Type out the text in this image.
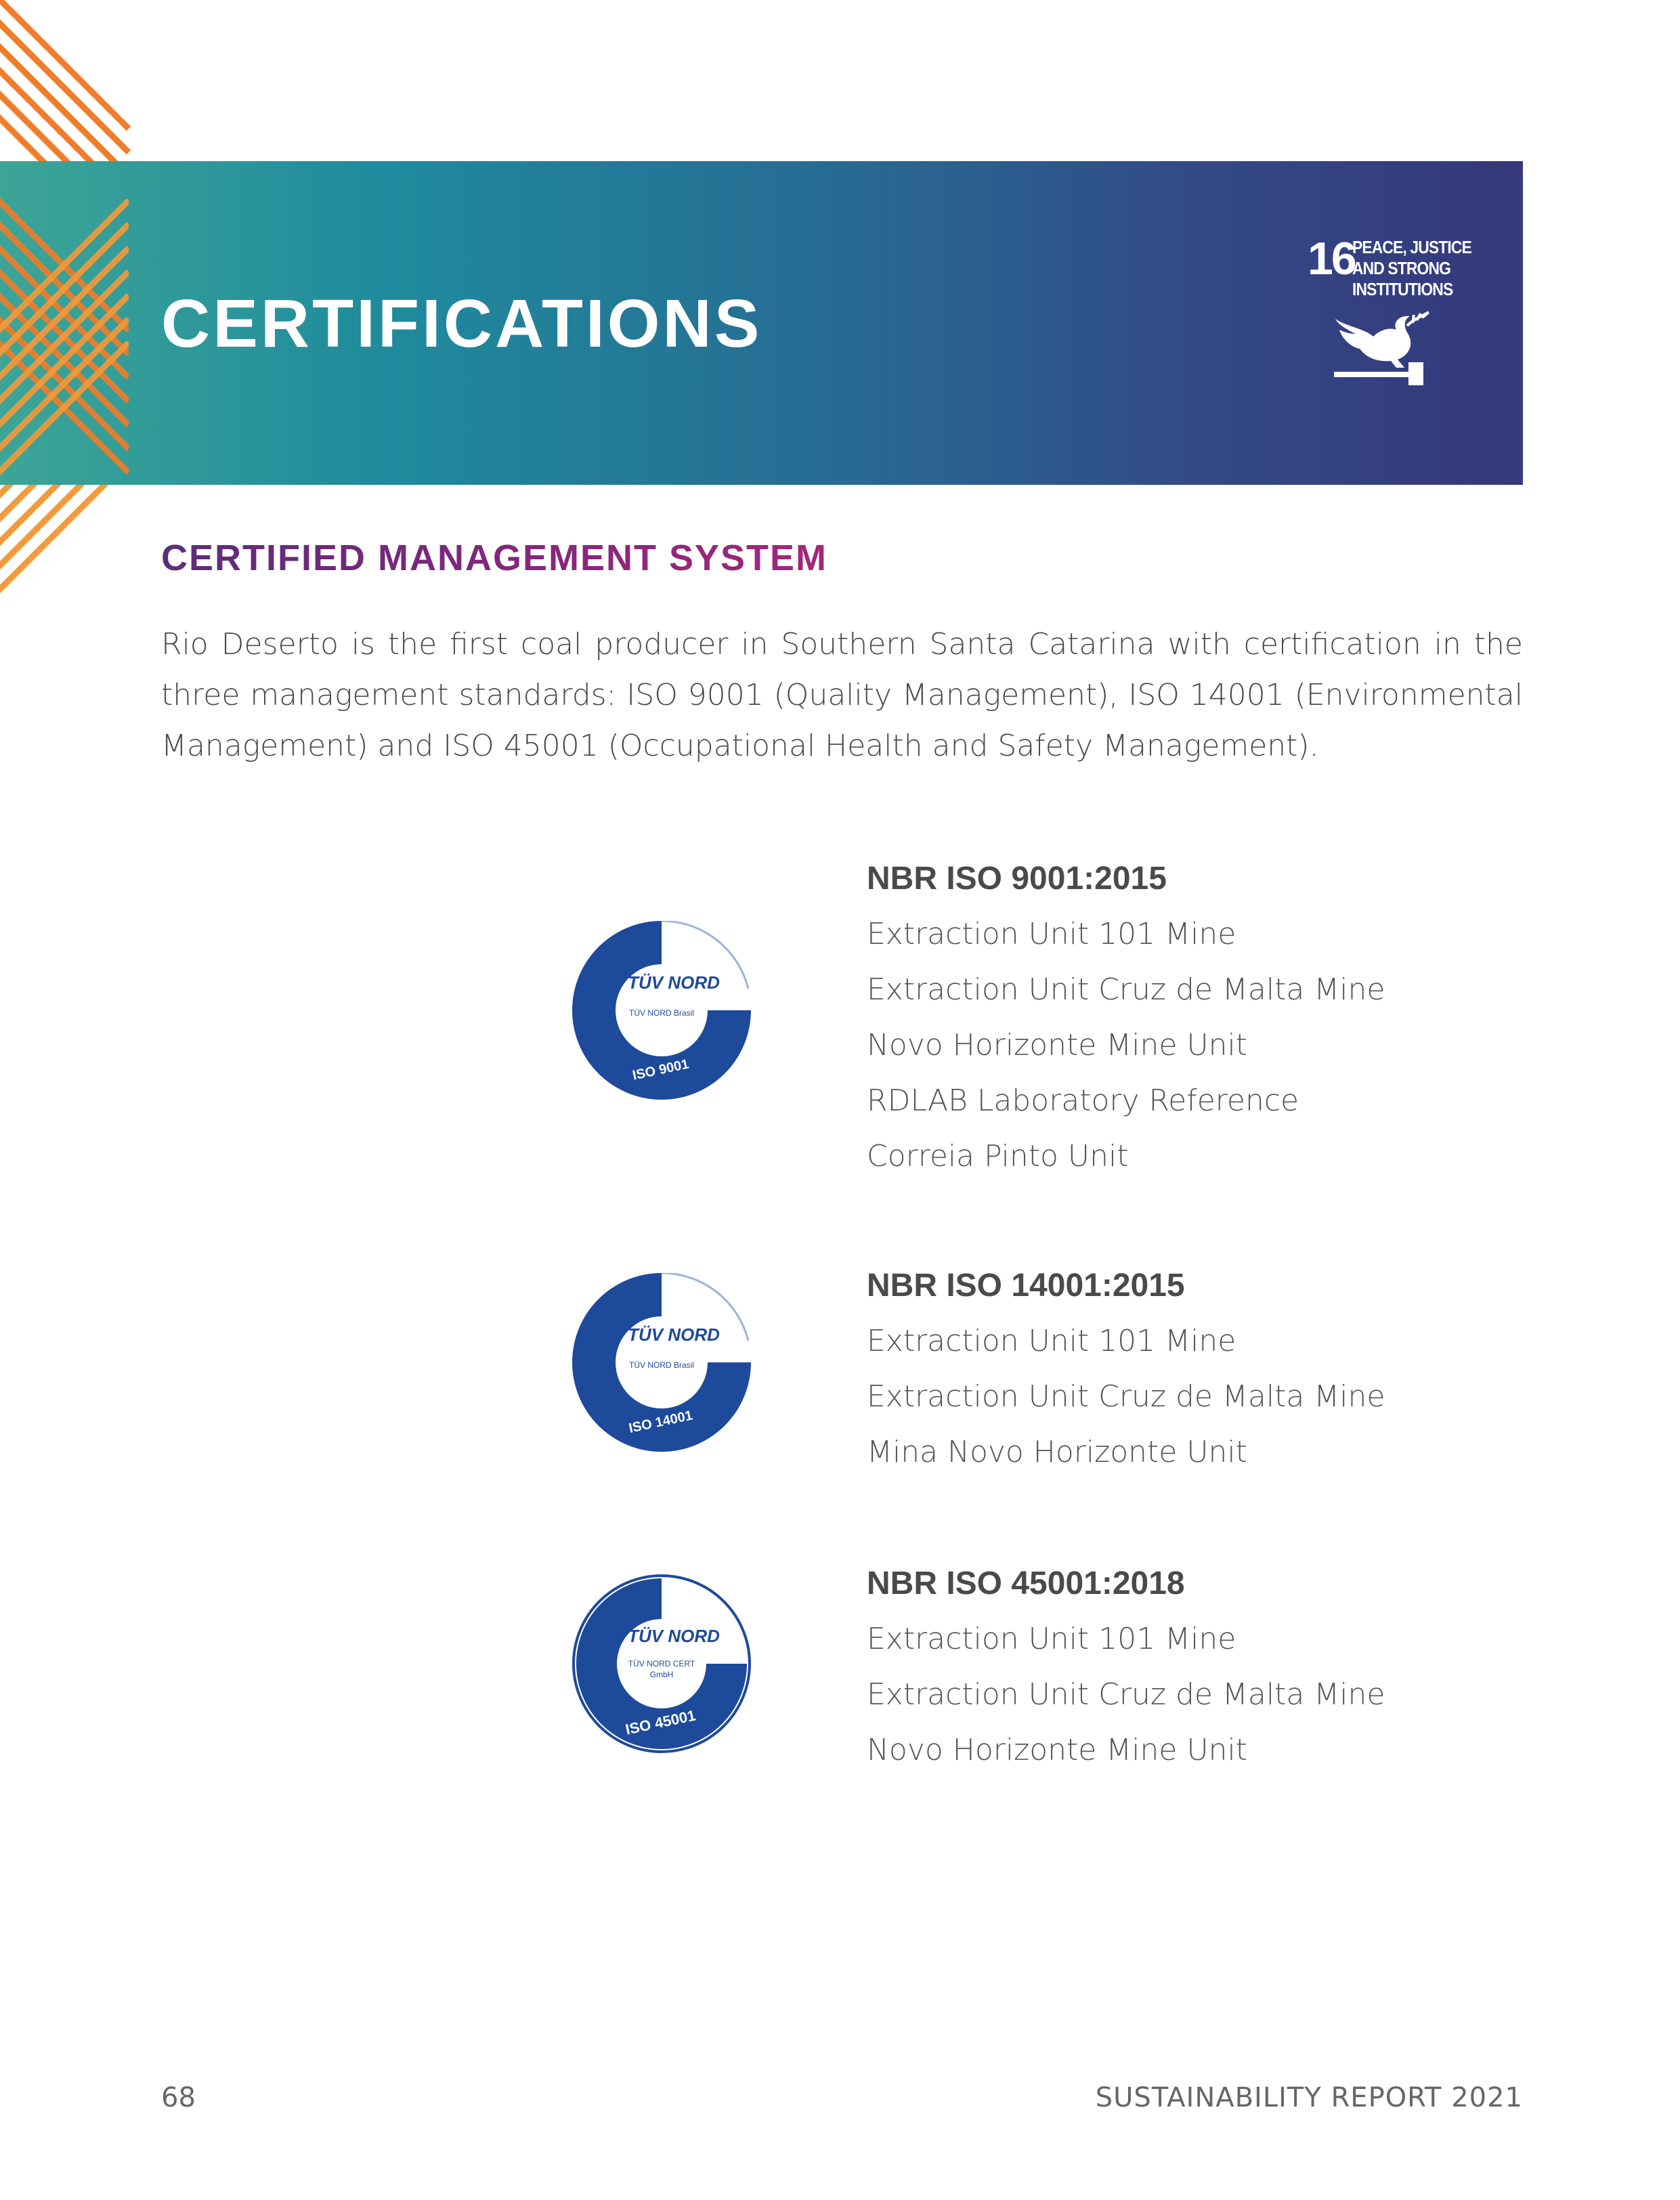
CERTIFICATIONS
16
PEACE, JUSTICE
AND STRONG
INSTITUTIONS
CERTIFIED MANAGEMENT SYSTEM

Rio Deserto is the first coal producer in Southern Santa Catarina with certification in the three management standards: ISO 9001 (Quality Management), ISO 14001 (Environmental Management) and ISO 45001 (Occupational Health and Safety Management).

TÜV NORD
TÜV NORD Brasil
ISO 9001
NBR ISO 9001:2015
Extraction Unit 101 Mine
Extraction Unit Cruz de Malta Mine
Novo Horizonte Mine Unit
RDLAB Laboratory Reference
Correia Pinto Unit
TÜV NORD
TÜV NORD Brasil
ISO 14001
NBR ISO 14001:2015
Extraction Unit 101 Mine
Extraction Unit Cruz de Malta Mine
Mina Novo Horizonte Unit
TÜV NORD
TÜV NORD CERT
GmbH
ISO 45001
NBR ISO 45001:2018
Extraction Unit 101 Mine
Extraction Unit Cruz de Malta Mine
Novo Horizonte Mine Unit
68	SUSTAINABILITY REPORT 2021
